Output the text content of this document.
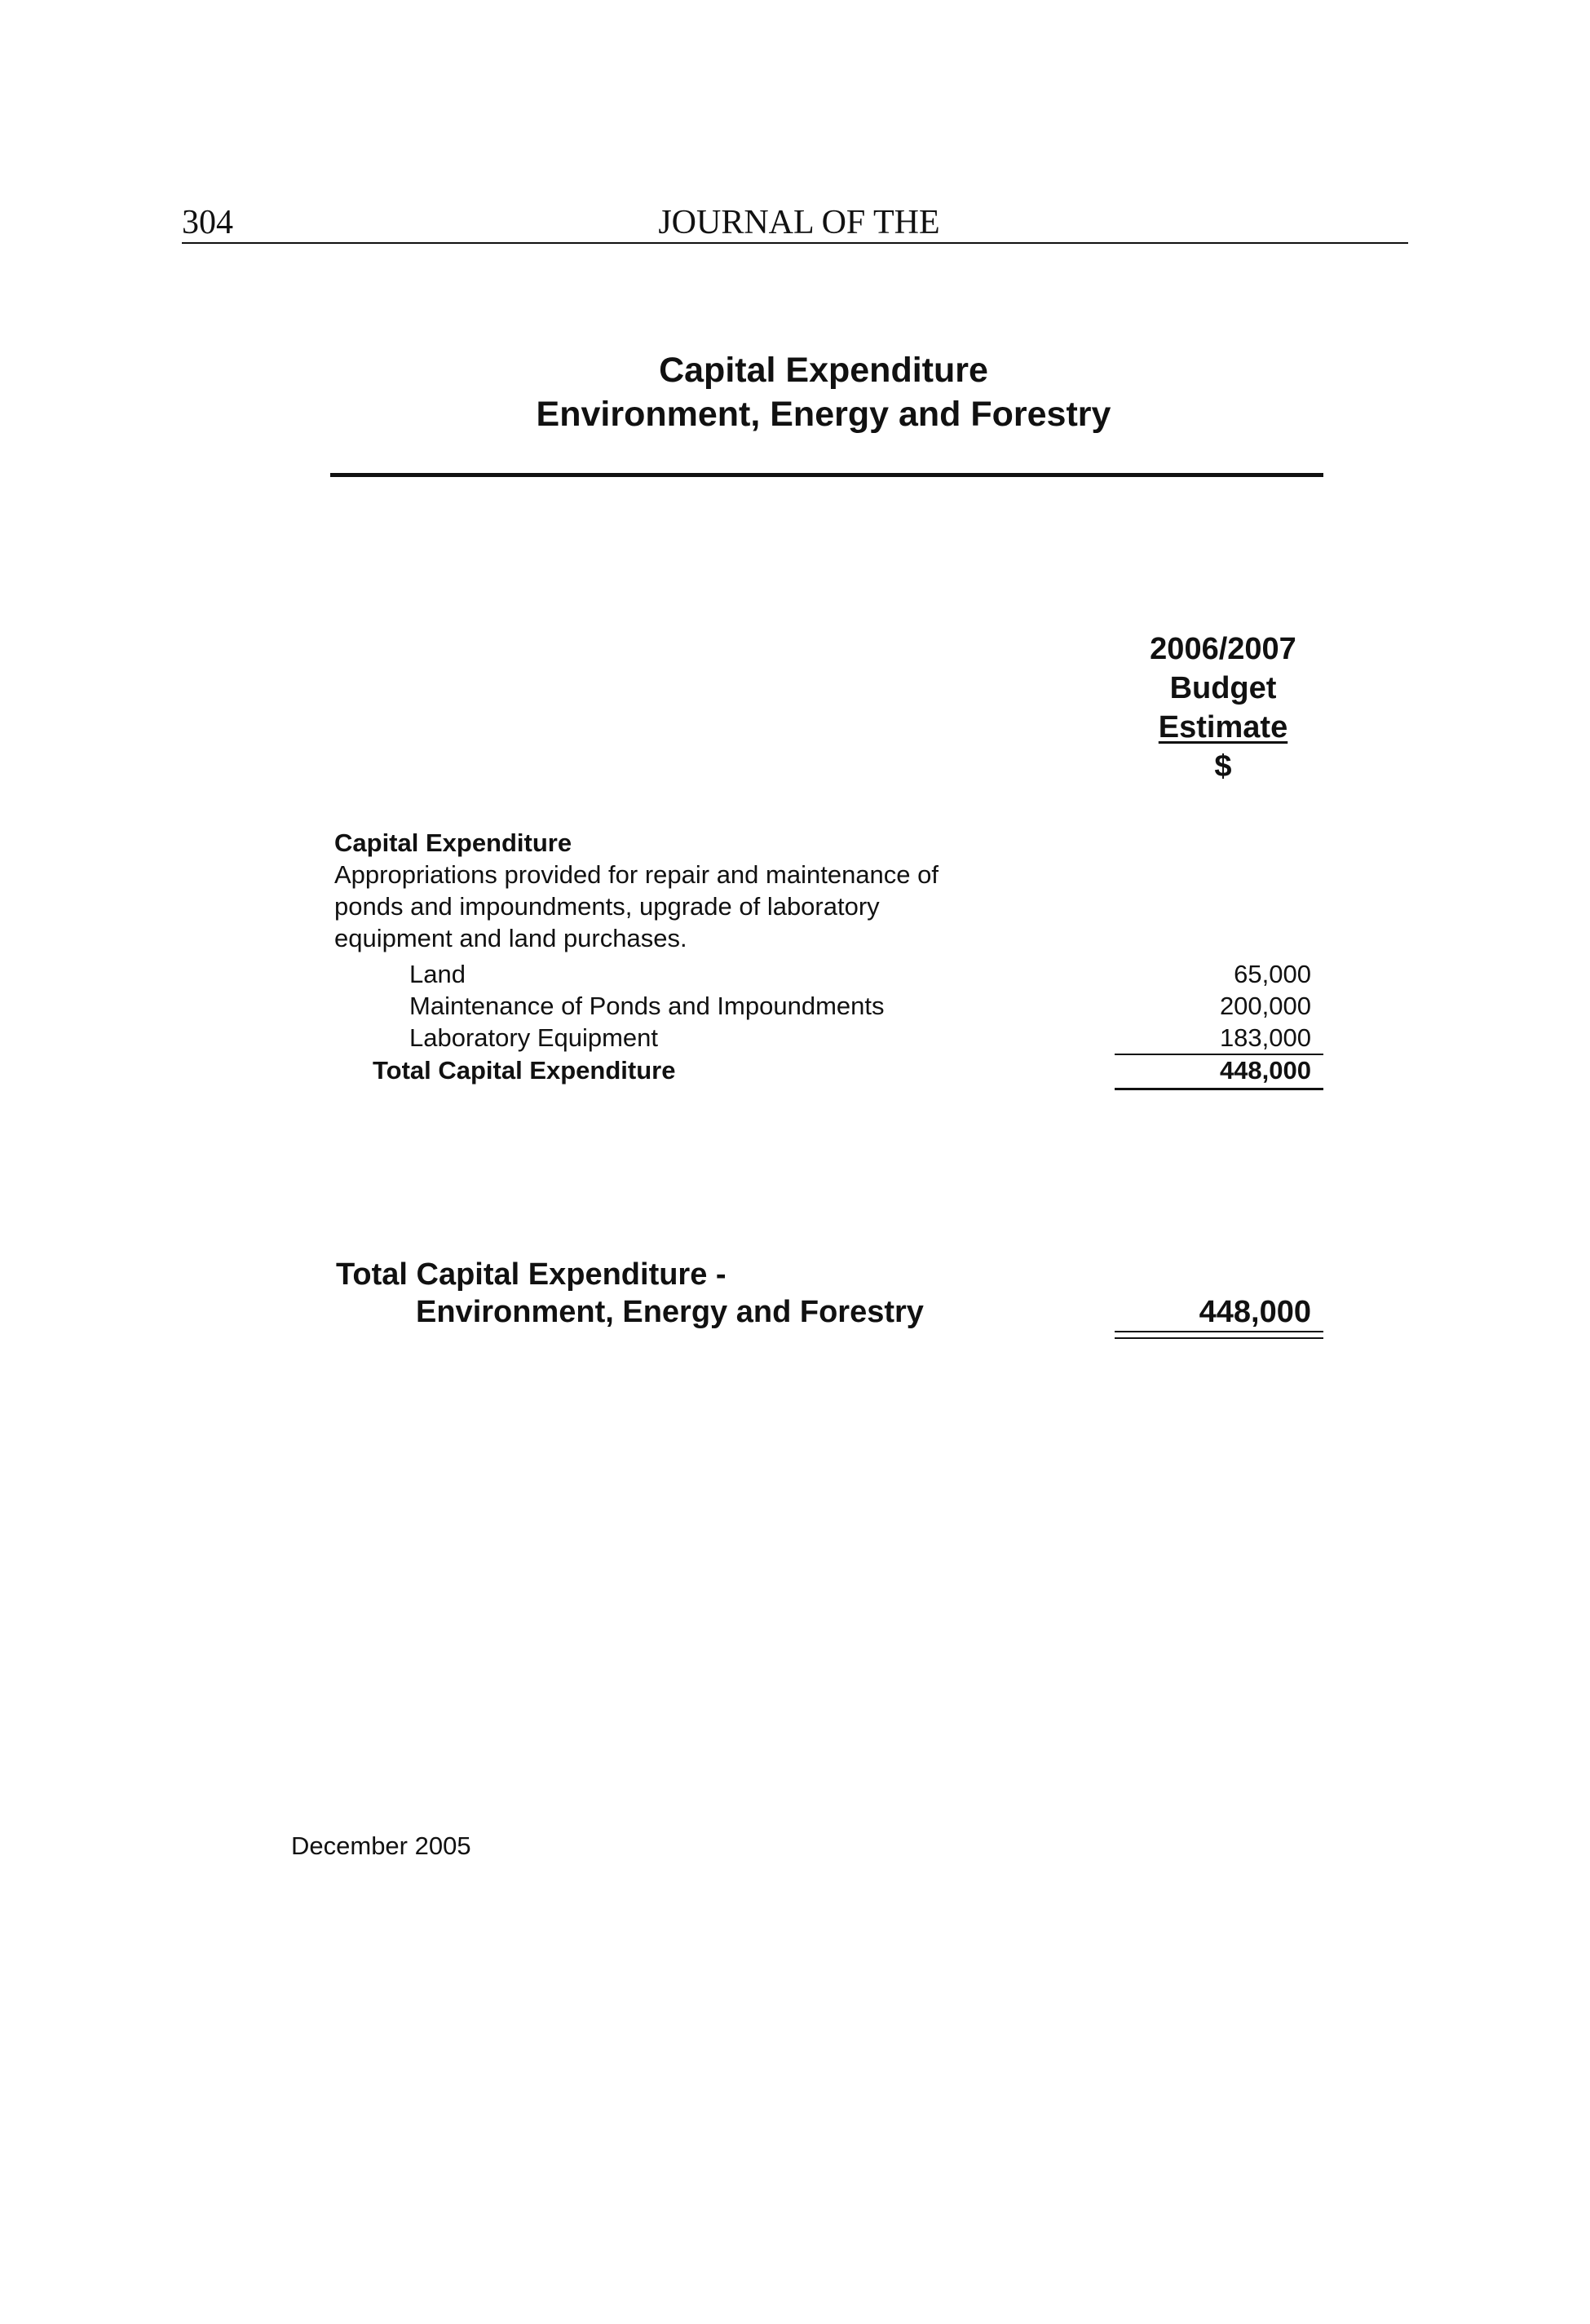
304	JOURNAL OF THE
Capital Expenditure
Environment, Energy and Forestry
2006/2007
Budget
Estimate
$
Capital Expenditure
Appropriations provided for repair and maintenance of ponds and impoundments, upgrade of laboratory equipment and land purchases.
Land	65,000
Maintenance of Ponds and Impoundments	200,000
Laboratory Equipment	183,000
Total Capital Expenditure	448,000
Total Capital Expenditure -
Environment, Energy and Forestry	448,000
December 2005
